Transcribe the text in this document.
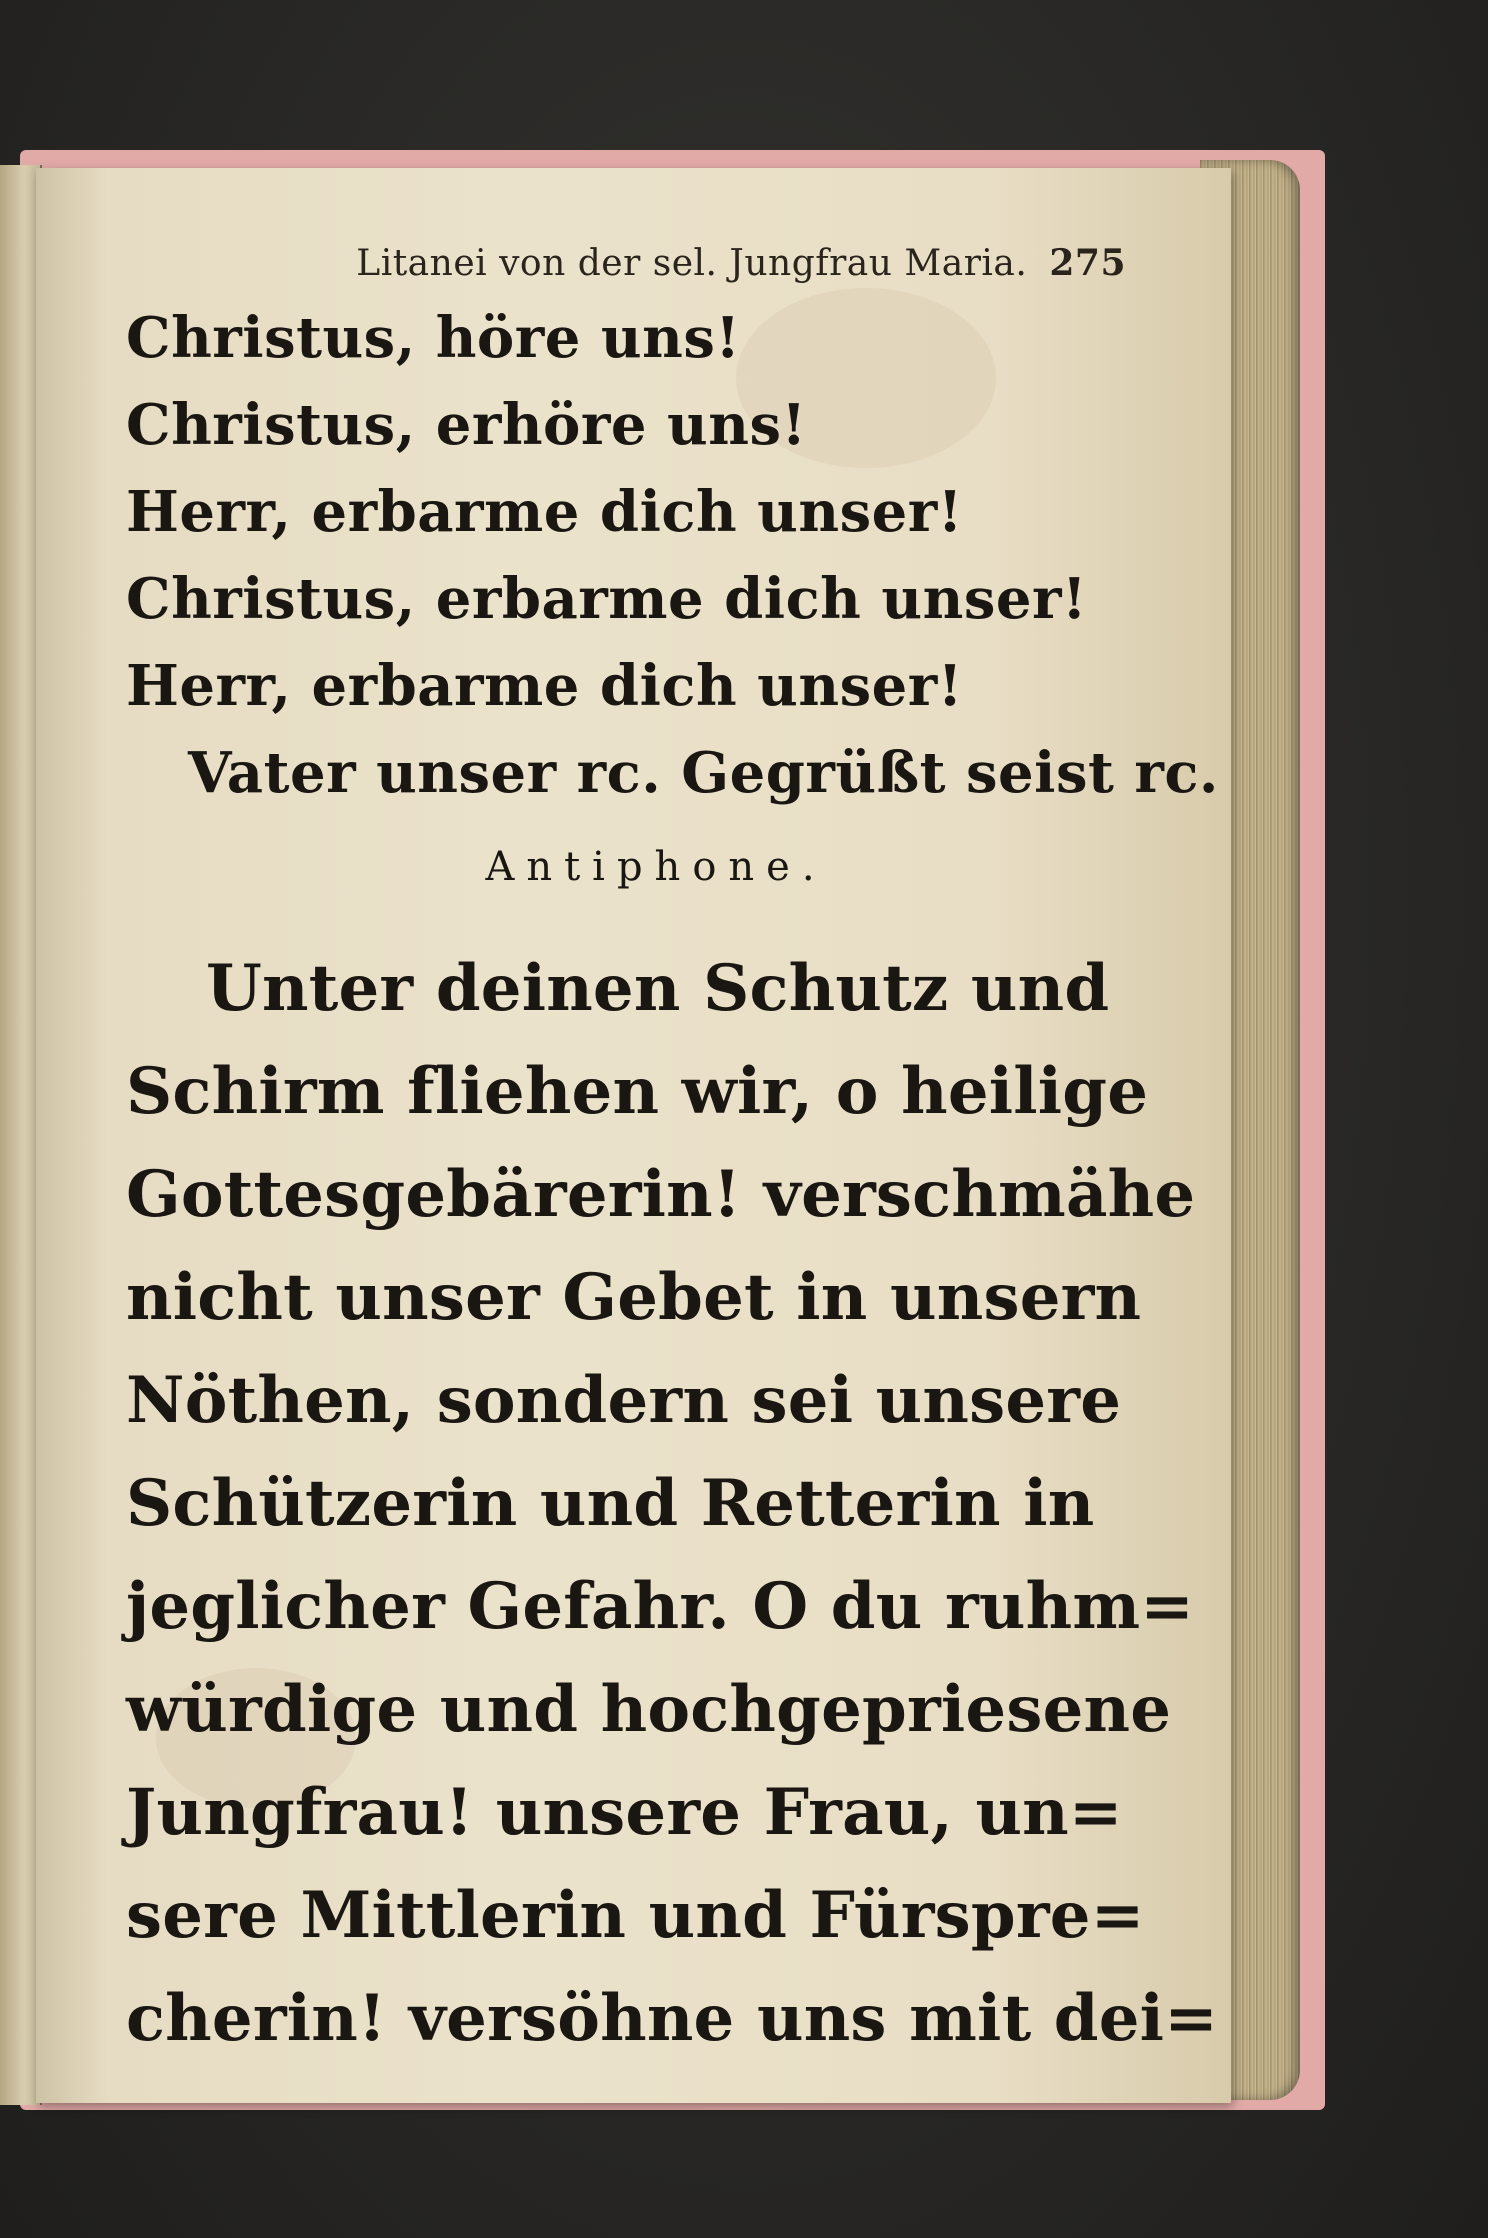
Litanei von der sel. Jungfrau Maria. 275
Christus, höre uns!
Christus, erhöre uns!
Herr, erbarme dich unser!
Christus, erbarme dich unser!
Herr, erbarme dich unser!
Vater unser rc. Gegrüßt seist rc.
Antiphone.
Unter deinen Schutz und
Schirm fliehen wir, o heilige
Gottesgebärerin! verschmähe
nicht unser Gebet in unsern
Nöthen, sondern sei unsere
Schützerin und Retterin in
jeglicher Gefahr. O du ruhm=
würdige und hochgepriesene
Jungfrau! unsere Frau, un=
sere Mittlerin und Fürspre=
cherin! versöhne uns mit dei=
